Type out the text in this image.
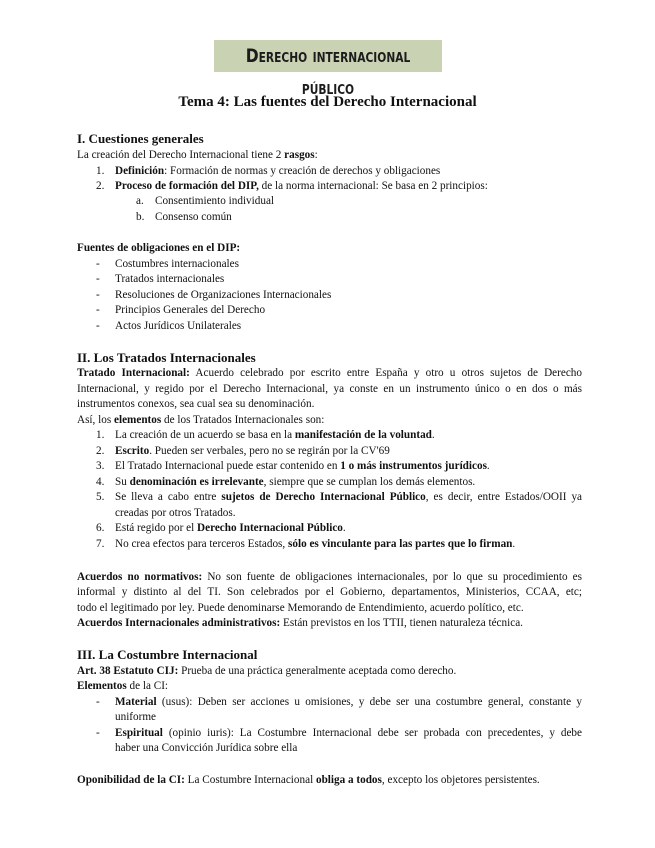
Derecho internacional público
Tema 4: Las fuentes del Derecho Internacional
I. Cuestiones generales
La creación del Derecho Internacional tiene 2 rasgos:
1. Definición: Formación de normas y creación de derechos y obligaciones
2. Proceso de formación del DIP, de la norma internacional: Se basa en 2 principios:
a.	Consentimiento individual
b. Consenso común
Fuentes de obligaciones en el DIP:
-	Costumbres internacionales
-	Tratados internacionales
-	Resoluciones de Organizaciones Internacionales
-	Principios Generales del Derecho
-	Actos Jurídicos Unilaterales
II. Los Tratados Internacionales
Tratado Internacional: Acuerdo celebrado por escrito entre España y otro u otros sujetos de Derecho
Internacional, y regido por el Derecho Internacional, ya conste en un instrumento único o en dos o más
instrumentos conexos, sea cual sea su denominación.
Así, los elementos de los Tratados Internacionales son:
1. La creación de un acuerdo se basa en la manifestación de la voluntad.
2. Escrito. Pueden ser verbales, pero no se regirán por la CV'69
3. El Tratado Internacional puede estar contenido en 1 o más instrumentos jurídicos.
4. Su denominación es irrelevante, siempre que se cumplan los demás elementos.
5. Se lleva a cabo entre sujetos de Derecho Internacional Público, es decir, entre Estados/OOII ya
creadas por otros Tratados.
6. Está regido por el Derecho Internacional Público.
7. No crea efectos para terceros Estados, sólo es vinculante para las partes que lo firman.
Acuerdos no normativos: No son fuente de obligaciones internacionales, por lo que su procedimiento es
informal y distinto al del TI. Son celebrados por el Gobierno, departamentos, Ministerios, CCAA, etc;
todo el legitimado por ley. Puede denominarse Memorando de Entendimiento, acuerdo político, etc.
Acuerdos Internacionales administrativos: Están previstos en los TTII, tienen naturaleza técnica.
III. La Costumbre Internacional
Art. 38 Estatuto CIJ: Prueba de una práctica generalmente aceptada como derecho.
Elementos de la CI:
-	Material (usus): Deben ser acciones u omisiones, y debe ser una costumbre general, constante y
uniforme
-	Espiritual (opinio iuris): La Costumbre Internacional debe ser probada con precedentes, y debe
haber una Convicción Jurídica sobre ella
Oponibilidad de la CI: La Costumbre Internacional obliga a todos, excepto los objetores persistentes.
